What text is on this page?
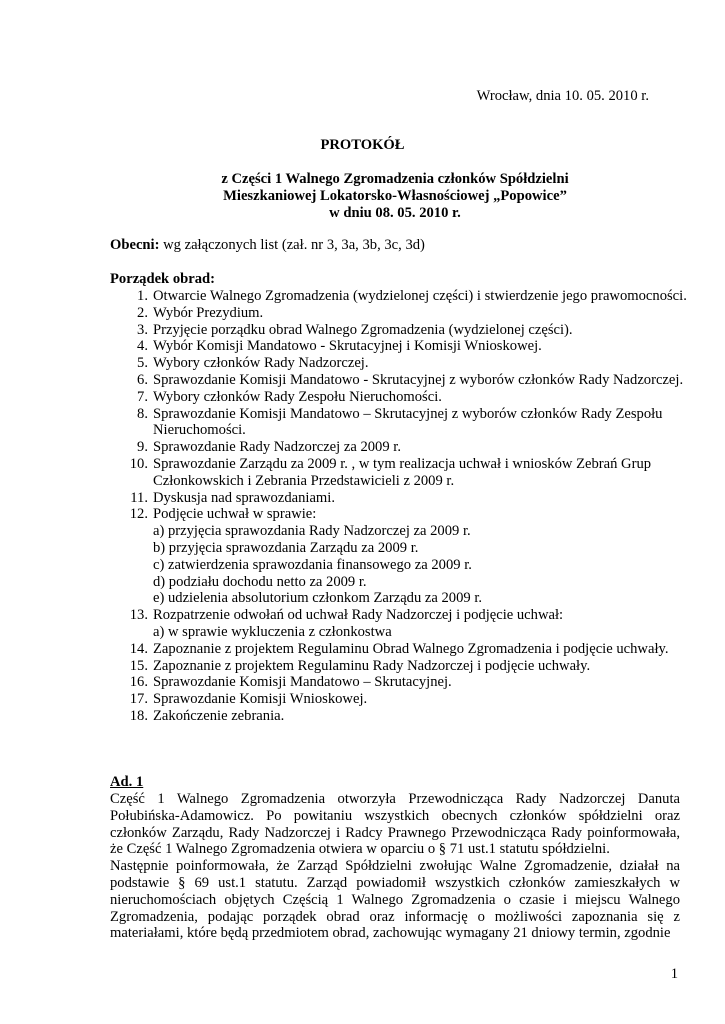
Wrocław, dnia 10. 05. 2010 r.
PROTOKÓŁ
z Części 1 Walnego Zgromadzenia członków Spółdzielni
Mieszkaniowej Lokatorsko-Własnościowej „Popowice”
w dniu 08. 05. 2010 r.
Obecni: wg załączonych list (zał. nr 3, 3a, 3b, 3c, 3d)
Porządek obrad:
1. Otwarcie Walnego Zgromadzenia (wydzielonej części) i stwierdzenie jego prawomocności.
2. Wybór Prezydium.
3. Przyjęcie porządku obrad Walnego Zgromadzenia (wydzielonej części).
4. Wybór Komisji Mandatowo - Skrutacyjnej i Komisji Wnioskowej.
5. Wybory członków Rady Nadzorczej.
6. Sprawozdanie Komisji Mandatowo - Skrutacyjnej z wyborów członków Rady Nadzorczej.
7. Wybory członków Rady Zespołu Nieruchomości.
8. Sprawozdanie Komisji Mandatowo – Skrutacyjnej z wyborów członków Rady Zespołu Nieruchomości.
9. Sprawozdanie Rady Nadzorczej za 2009 r.
10. Sprawozdanie Zarządu za 2009 r. , w tym realizacja uchwał i wniosków Zebrań Grup Członkowskich i Zebrania Przedstawicieli z 2009 r.
11. Dyskusja nad sprawozdaniami.
12. Podjęcie uchwał w sprawie:
a) przyjęcia sprawozdania Rady Nadzorczej za 2009 r.
b) przyjęcia sprawozdania Zarządu za 2009 r.
c) zatwierdzenia sprawozdania finansowego za 2009 r.
d) podziału dochodu netto za 2009 r.
e) udzielenia absolutorium członkom Zarządu za 2009 r.
13. Rozpatrzenie odwołań od uchwał Rady Nadzorczej i podjęcie uchwał:
a) w sprawie wykluczenia z członkostwa
14. Zapoznanie z projektem Regulaminu Obrad Walnego Zgromadzenia i podjęcie uchwały.
15. Zapoznanie z projektem Regulaminu Rady Nadzorczej i podjęcie uchwały.
16. Sprawozdanie Komisji Mandatowo – Skrutacyjnej.
17. Sprawozdanie Komisji Wnioskowej.
18. Zakończenie zebrania.
Ad. 1

Część 1 Walnego Zgromadzenia otworzyła Przewodnicząca Rady Nadzorczej Danuta Połubińska-Adamowicz. Po powitaniu wszystkich obecnych członków spółdzielni oraz członków Zarządu, Rady Nadzorczej i Radcy Prawnego Przewodnicząca Rady poinformowała, że Część 1 Walnego Zgromadzenia otwiera w oparciu o § 71 ust.1 statutu spółdzielni.

Następnie poinformowała, że Zarząd Spółdzielni zwołując Walne Zgromadzenie, działał na podstawie § 69 ust.1 statutu. Zarząd powiadomił wszystkich członków zamieszkałych w nieruchomościach objętych Częścią 1 Walnego Zgromadzenia o czasie i miejscu Walnego Zgromadzenia, podając porządek obrad oraz informację o możliwości zapoznania się z materiałami, które będą przedmiotem obrad, zachowując wymagany 21 dniowy termin, zgodnie

1
